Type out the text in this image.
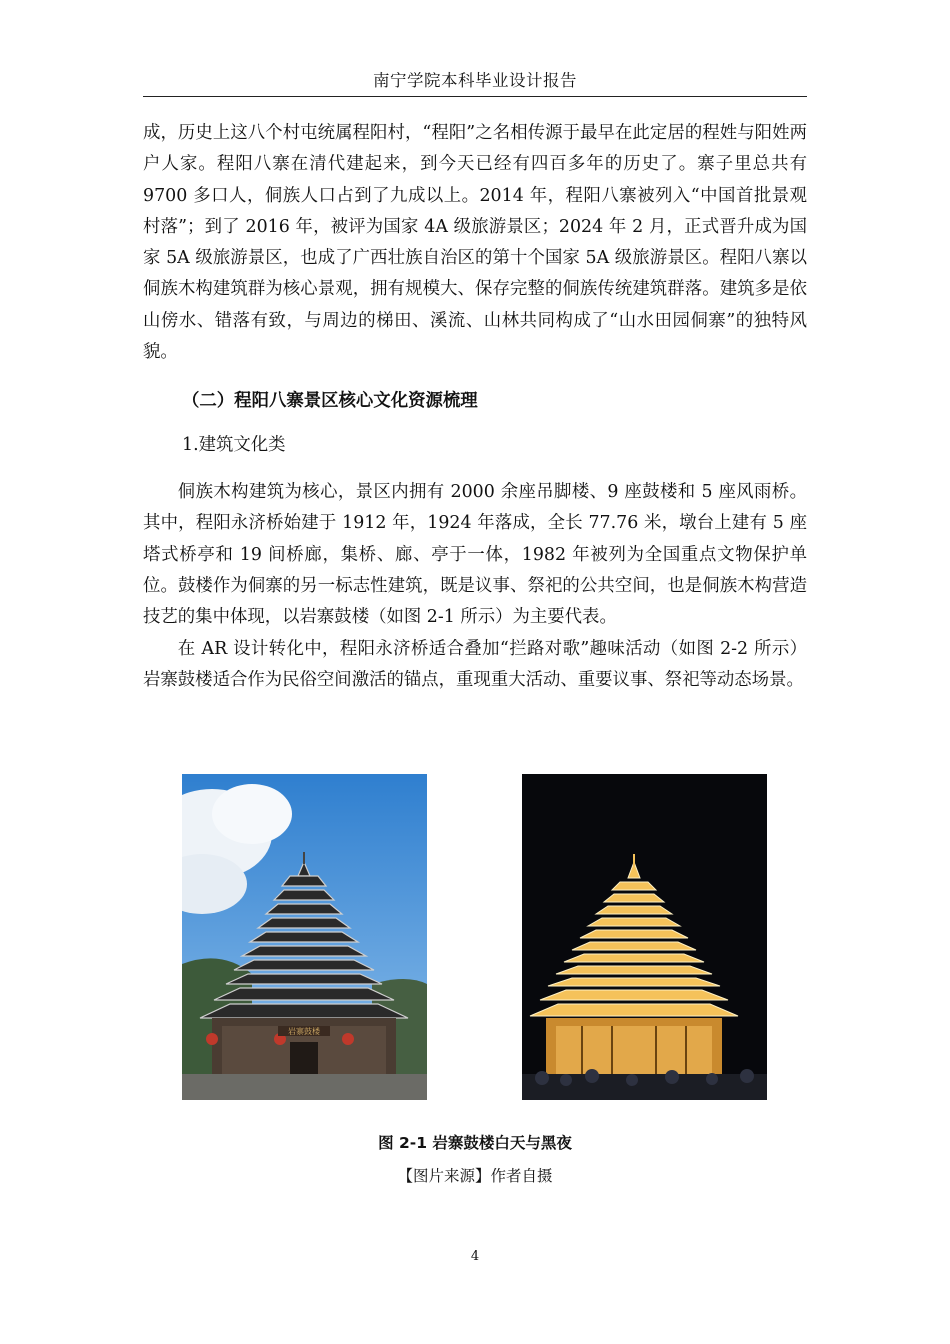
南宁学院本科毕业设计报告

成，历史上这八个村屯统属程阳村，“程阳”之名相传源于最早在此定居的程姓与阳姓两户人家。程阳八寨在清代建起来，到今天已经有四百多年的历史了。寨子里总共有 9700 多口人，侗族人口占到了九成以上。2014 年，程阳八寨被列入“中国首批景观村落”；到了 2016 年，被评为国家 4A 级旅游景区；2024 年 2 月，正式晋升成为国家 5A 级旅游景区，也成了广西壮族自治区的第十个国家 5A 级旅游景区。程阳八寨以侗族木构建筑群为核心景观，拥有规模大、保存完整的侗族传统建筑群落。建筑多是依山傍水、错落有致，与周边的梯田、溪流、山林共同构成了“山水田园侗寨”的独特风貌。

（二）程阳八寨景区核心文化资源梳理
1.建筑文化类

侗族木构建筑为核心，景区内拥有 2000 余座吊脚楼、9 座鼓楼和 5 座风雨桥。其中，程阳永济桥始建于 1912 年，1924 年落成，全长 77.76 米，墩台上建有 5 座塔式桥亭和 19 间桥廊，集桥、廊、亭于一体，1982 年被列为全国重点文物保护单位。鼓楼作为侗寨的另一标志性建筑，既是议事、祭祀的公共空间，也是侗族木构营造技艺的集中体现，以岩寨鼓楼（如图 2-1 所示）为主要代表。

在 AR 设计转化中，程阳永济桥适合叠加“拦路对歌”趣味活动（如图 2-2 所示）岩寨鼓楼适合作为民俗空间激活的锚点，重现重大活动、重要议事、祭祀等动态场景。

岩寨鼓楼
图 2-1 岩寨鼓楼白天与黑夜
【图片来源】作者自摄
4
